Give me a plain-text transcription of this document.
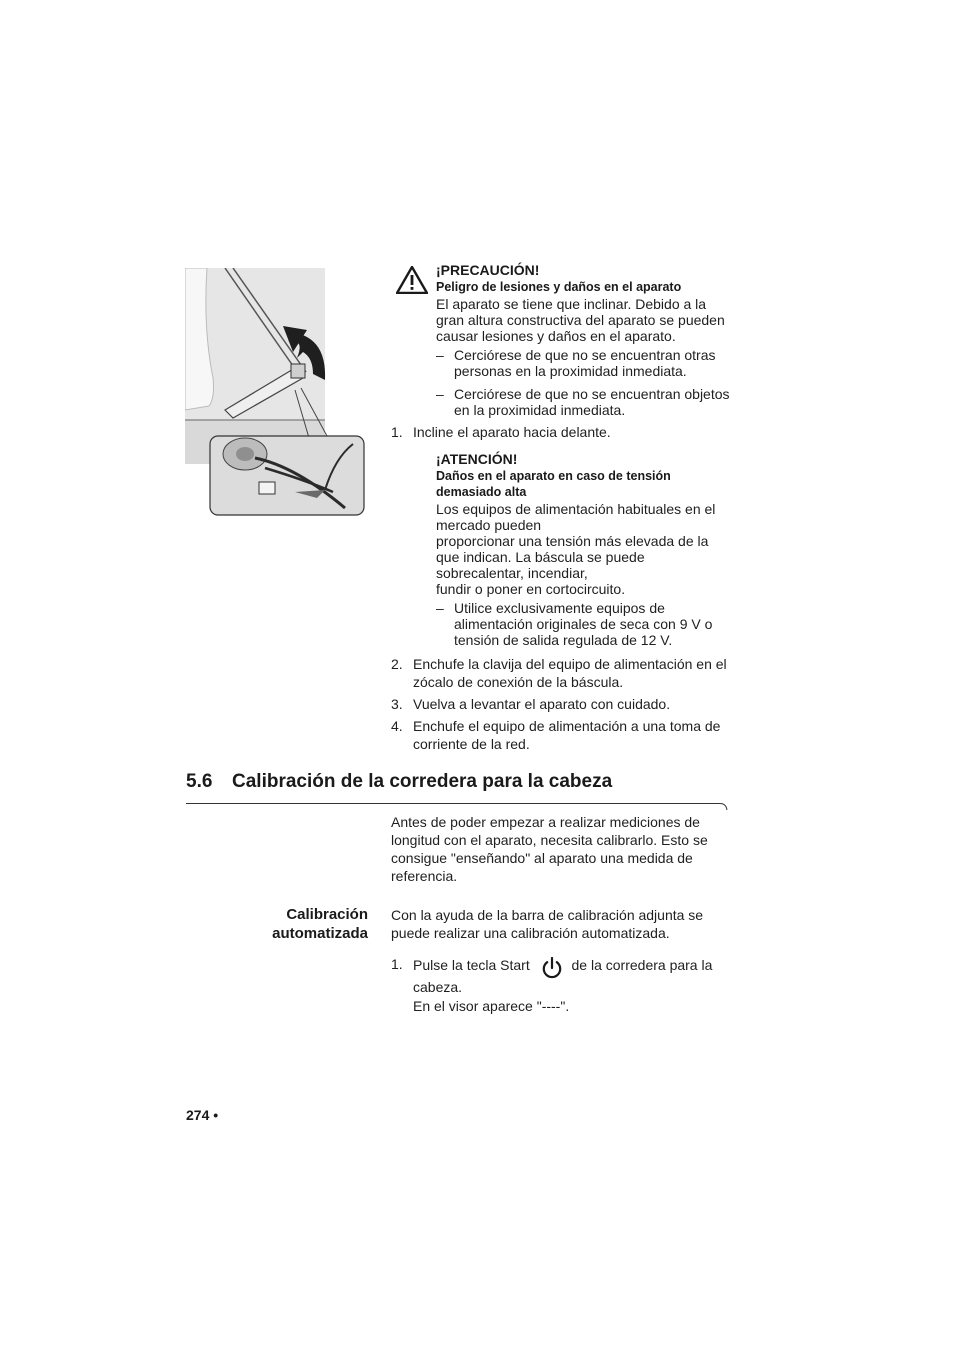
¡PRECAUCIÓN!
Peligro de lesiones y daños en el aparato
El aparato se tiene que inclinar. Debido a la
gran altura constructiva del aparato se pueden
causar lesiones y daños en el aparato.
– Cerciórese de que no se encuentran otras
personas en la proximidad inmediata.
– Cerciórese de que no se encuentran objetos
en la proximidad inmediata.
1. Incline el aparato hacia delante.
¡ATENCIÓN!
Daños en el aparato en caso de tensión
demasiado alta
Los equipos de alimentación habituales en el
mercado pueden
proporcionar una tensión más elevada de la
que indican. La báscula se puede
sobrecalentar, incendiar,
fundir o poner en cortocircuito.
– Utilice exclusivamente equipos de
alimentación originales de seca con 9 V o
tensión de salida regulada de 12 V.
2. Enchufe la clavija del equipo de alimentación en el
zócalo de conexión de la báscula.
3. Vuelva a levantar el aparato con cuidado.
4. Enchufe el equipo de alimentación a una toma de
corriente de la red.
5.6 Calibración de la corredera para la cabeza
Antes de poder empezar a realizar mediciones de
longitud con el aparato, necesita calibrarlo. Esto se
consigue "enseñando" al aparato una medida de
referencia.
Calibración
automatizada
Con la ayuda de la barra de calibración adjunta se
puede realizar una calibración automatizada.
1. Pulse la tecla Start	de la corredera para la
cabeza.
En el visor aparece "----".
274 •
